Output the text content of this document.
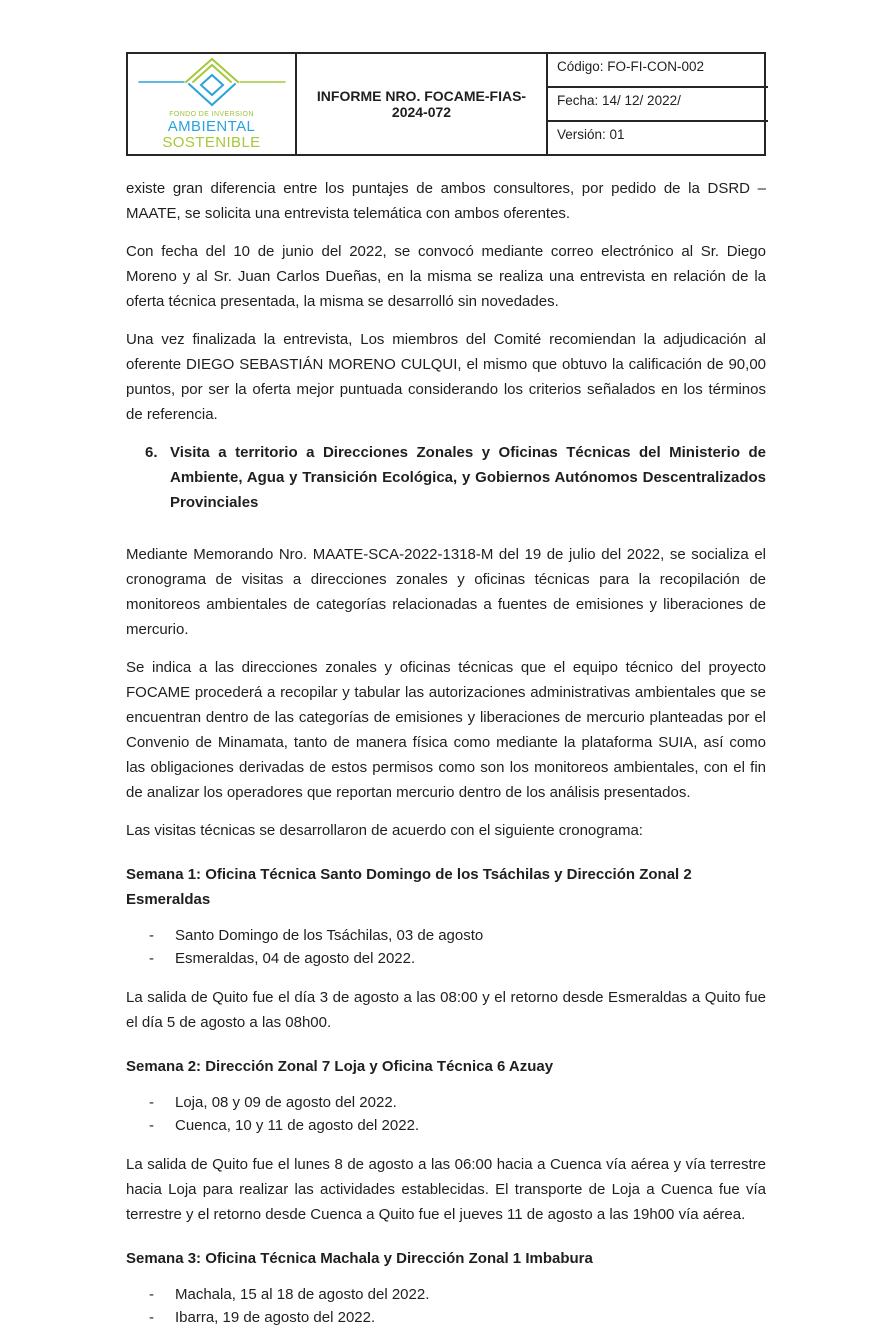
FONDO DE INVERSION
AMBIENTAL
SOSTENIBLE
INFORME NRO. FOCAME-FIAS-2024-072
Código: FO-FI-CON-002
Fecha: 14/ 12/ 2022/
Versión: 01

existe gran diferencia entre los puntajes de ambos consultores, por pedido de la DSRD – MAATE, se solicita una entrevista telemática con ambos oferentes.

Con fecha del 10 de junio del 2022, se convocó mediante correo electrónico al Sr. Diego Moreno y al Sr. Juan Carlos Dueñas, en la misma se realiza una entrevista en relación de la oferta técnica presentada, la misma se desarrolló sin novedades.

Una vez finalizada la entrevista, Los miembros del Comité recomiendan la adjudicación al oferente DIEGO SEBASTIÁN MORENO CULQUI, el mismo que obtuvo la calificación de 90,00 puntos, por ser la oferta mejor puntuada considerando los criterios señalados en los términos de referencia.

6. Visita a territorio a Direcciones Zonales y Oficinas Técnicas del Ministerio de Ambiente, Agua y Transición Ecológica, y Gobiernos Autónomos Descentralizados Provinciales

Mediante Memorando Nro. MAATE-SCA-2022-1318-M del 19 de julio del 2022, se socializa el cronograma de visitas a direcciones zonales y oficinas técnicas para la recopilación de monitoreos ambientales de categorías relacionadas a fuentes de emisiones y liberaciones de mercurio.

Se indica a las direcciones zonales y oficinas técnicas que el equipo técnico del proyecto FOCAME procederá a recopilar y tabular las autorizaciones administrativas ambientales que se encuentran dentro de las categorías de emisiones y liberaciones de mercurio planteadas por el Convenio de Minamata, tanto de manera física como mediante la plataforma SUIA, así como las obligaciones derivadas de estos permisos como son los monitoreos ambientales, con el fin de analizar los operadores que reportan mercurio dentro de los análisis presentados.

Las visitas técnicas se desarrollaron de acuerdo con el siguiente cronograma:

Semana 1: Oficina Técnica Santo Domingo de los Tsáchilas y Dirección Zonal 2 Esmeraldas
-	Santo Domingo de los Tsáchilas, 03 de agosto
-	Esmeraldas, 04 de agosto del 2022.

La salida de Quito fue el día 3 de agosto a las 08:00 y el retorno desde Esmeraldas a Quito fue el día 5 de agosto a las 08h00.

Semana 2: Dirección Zonal 7 Loja y Oficina Técnica 6 Azuay
-	Loja, 08 y 09 de agosto del 2022.
-	Cuenca, 10 y 11 de agosto del 2022.

La salida de Quito fue el lunes 8 de agosto a las 06:00 hacia a Cuenca vía aérea y vía terrestre hacia Loja para realizar las actividades establecidas. El transporte de Loja a Cuenca fue vía terrestre y el retorno desde Cuenca a Quito fue el jueves 11 de agosto a las 19h00 vía aérea.

Semana 3: Oficina Técnica Machala y Dirección Zonal 1 Imbabura
-	Machala, 15 al 18 de agosto del 2022.
-	Ibarra, 19 de agosto del 2022.
